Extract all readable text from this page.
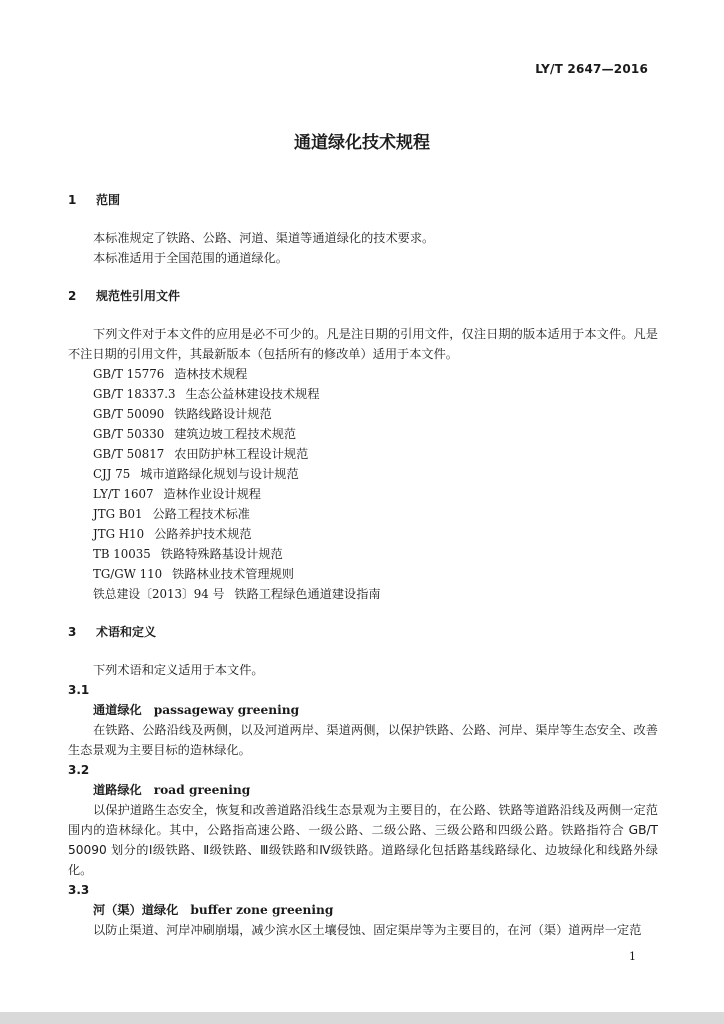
LY/T 2647—2016
通道绿化技术规程
1 范围
本标准规定了铁路、公路、河道、渠道等通道绿化的技术要求。
本标准适用于全国范围的通道绿化。
2 规范性引用文件
下列文件对于本文件的应用是必不可少的。凡是注日期的引用文件，仅注日期的版本适用于本文件。凡是不注日期的引用文件，其最新版本（包括所有的修改单）适用于本文件。
GB/T 15776 造林技术规程
GB/T 18337.3 生态公益林建设技术规程
GB/T 50090 铁路线路设计规范
GB/T 50330 建筑边坡工程技术规范
GB/T 50817 农田防护林工程设计规范
CJJ 75 城市道路绿化规划与设计规范
LY/T 1607 造林作业设计规程
JTG B01 公路工程技术标准
JTG H10 公路养护技术规范
TB 10035 铁路特殊路基设计规范
TG/GW 110 铁路林业技术管理规则
铁总建设〔2013〕94 号 铁路工程绿色通道建设指南
3 术语和定义
下列术语和定义适用于本文件。
3.1
通道绿化 passageway greening
在铁路、公路沿线及两侧，以及河道两岸、渠道两侧，以保护铁路、公路、河岸、渠岸等生态安全、改善生态景观为主要目标的造林绿化。
3.2
道路绿化 road greening
以保护道路生态安全，恢复和改善道路沿线生态景观为主要目的，在公路、铁路等道路沿线及两侧一定范围内的造林绿化。其中，公路指高速公路、一级公路、二级公路、三级公路和四级公路。铁路指符合 GB/T 50090 划分的Ⅰ级铁路、Ⅱ级铁路、Ⅲ级铁路和Ⅳ级铁路。道路绿化包括路基线路绿化、边坡绿化和线路外绿化。
3.3
河（渠）道绿化 buffer zone greening
以防止渠道、河岸冲刷崩塌，减少滨水区土壤侵蚀、固定渠岸等为主要目的，在河（渠）道两岸一定范
1
